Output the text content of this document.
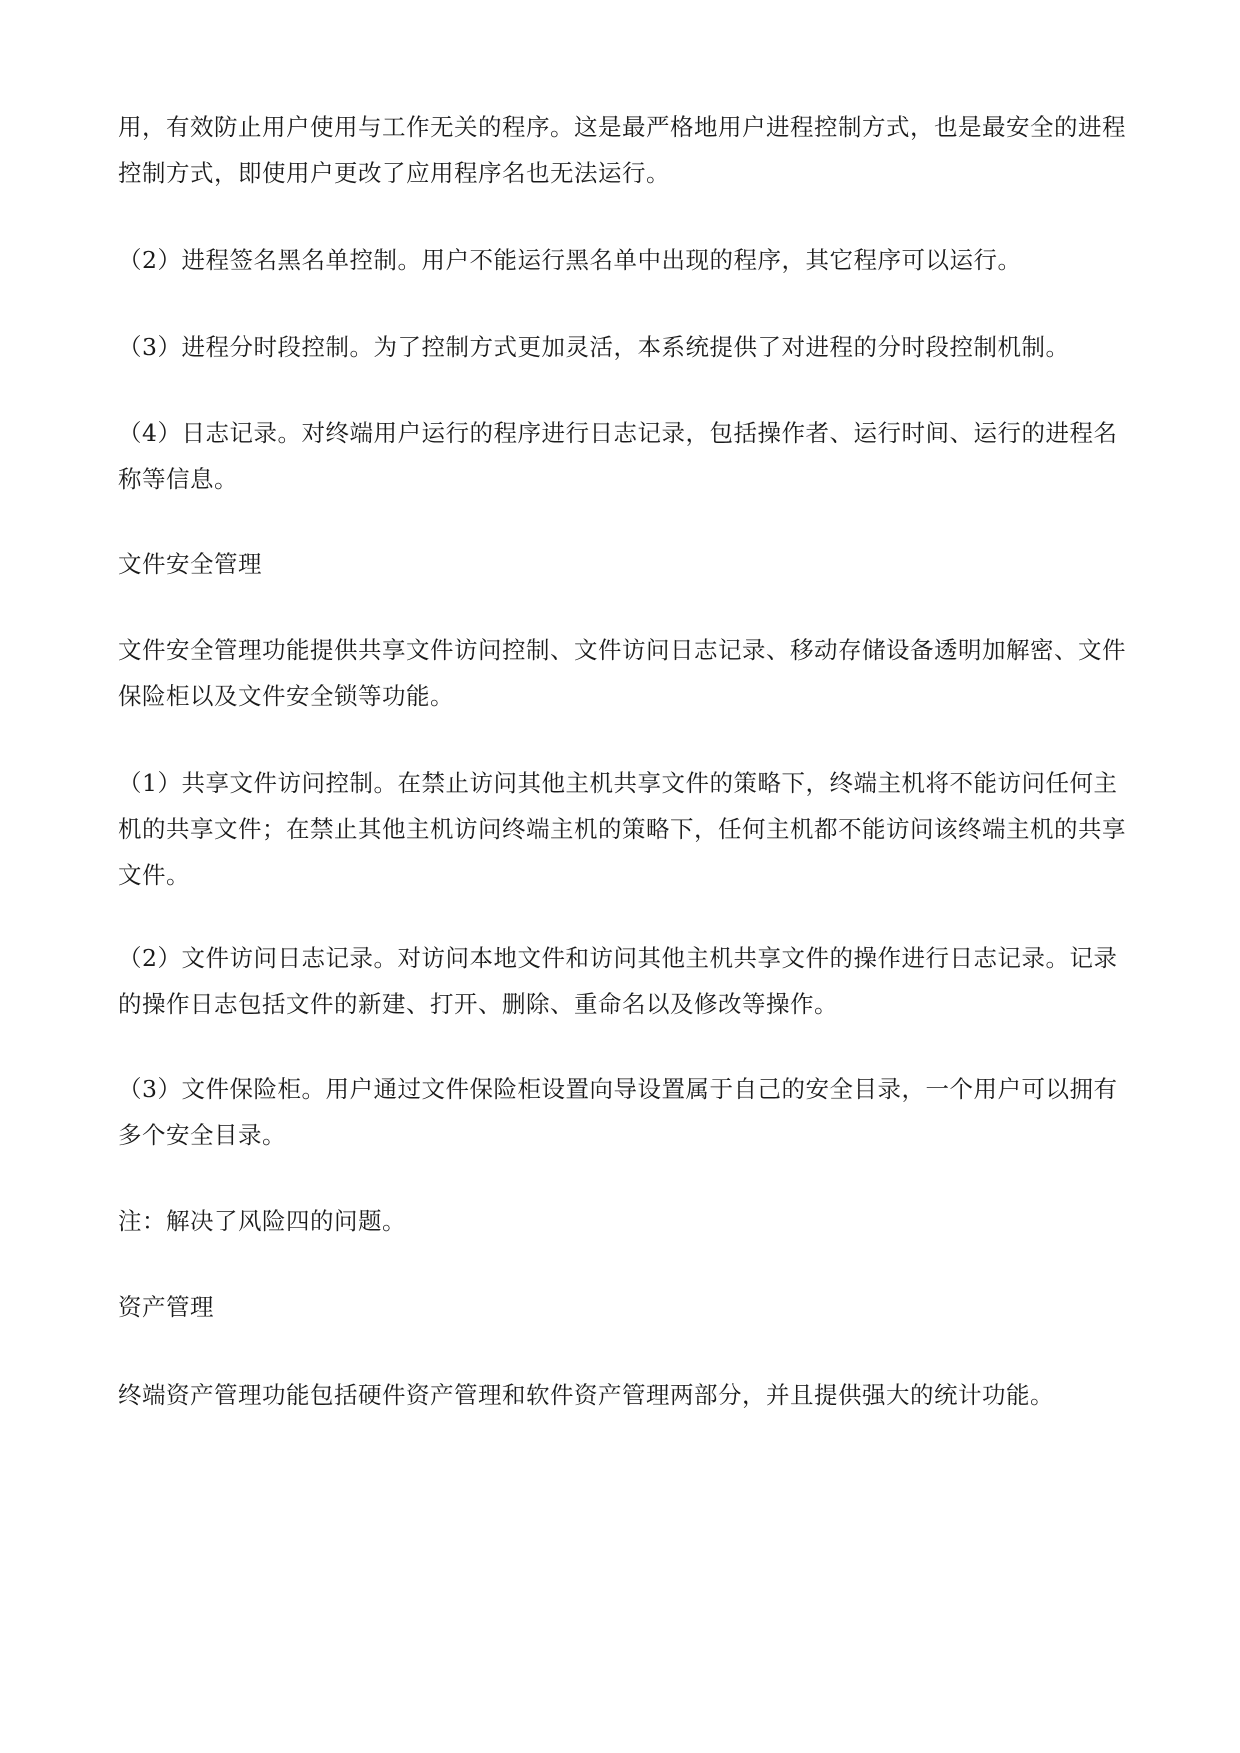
用，有效防止用户使用与工作无关的程序。这是最严格地用户进程控制方式，也是最安全的进程控制方式，即使用户更改了应用程序名也无法运行。

（2）进程签名黑名单控制。用户不能运行黑名单中出现的程序，其它程序可以运行。

（3）进程分时段控制。为了控制方式更加灵活，本系统提供了对进程的分时段控制机制。

（4）日志记录。对终端用户运行的程序进行日志记录，包括操作者、运行时间、运行的进程名称等信息。

文件安全管理

文件安全管理功能提供共享文件访问控制、文件访问日志记录、移动存储设备透明加解密、文件保险柜以及文件安全锁等功能。

（1）共享文件访问控制。在禁止访问其他主机共享文件的策略下，终端主机将不能访问任何主机的共享文件；在禁止其他主机访问终端主机的策略下，任何主机都不能访问该终端主机的共享文件。

（2）文件访问日志记录。对访问本地文件和访问其他主机共享文件的操作进行日志记录。记录的操作日志包括文件的新建、打开、删除、重命名以及修改等操作。

（3）文件保险柜。用户通过文件保险柜设置向导设置属于自己的安全目录，一个用户可以拥有多个安全目录。

注：解决了风险四的问题。

资产管理

终端资产管理功能包括硬件资产管理和软件资产管理两部分，并且提供强大的统计功能。
